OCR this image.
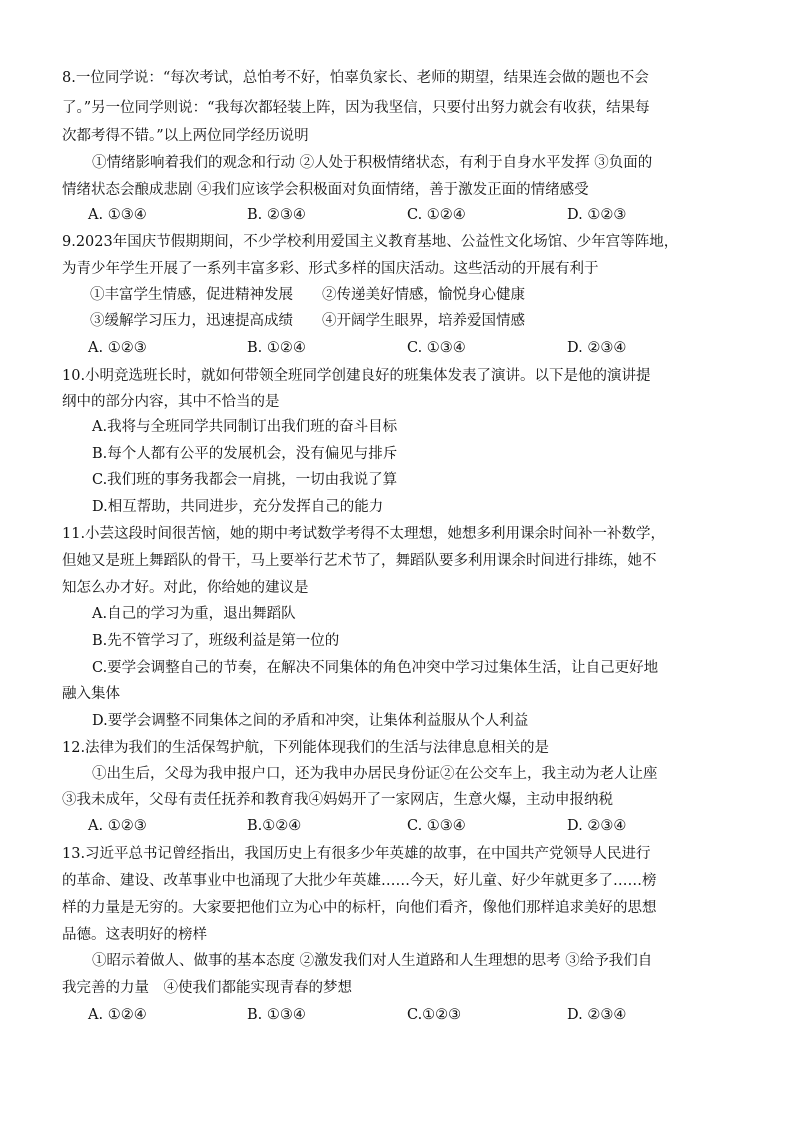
8.一位同学说：“每次考试，总怕考不好，怕辜负家长、老师的期望，结果连会做的题也不会
了。”另一位同学则说：“我每次都轻装上阵，因为我坚信，只要付出努力就会有收获，结果每
次都考得不错。”以上两位同学经历说明
①情绪影响着我们的观念和行动 ②人处于积极情绪状态，有利于自身水平发挥 ③负面的
情绪状态会酿成悲剧 ④我们应该学会积极面对负面情绪，善于激发正面的情绪感受
A. ①③④	B. ②③④	C. ①②④	D. ①②③
9.2023年国庆节假期期间，不少学校利用爱国主义教育基地、公益性文化场馆、少年宫等阵地，
为青少年学生开展了一系列丰富多彩、形式多样的国庆活动。这些活动的开展有利于
①丰富学生情感，促进精神发展　　②传递美好情感，愉悦身心健康
③缓解学习压力，迅速提高成绩　　④开阔学生眼界，培养爱国情感
A. ①②③	B. ①②④	C. ①③④	D. ②③④
10.小明竞选班长时，就如何带领全班同学创建良好的班集体发表了演讲。以下是他的演讲提
纲中的部分内容，其中不恰当的是
A.我将与全班同学共同制订出我们班的奋斗目标
B.每个人都有公平的发展机会，没有偏见与排斥
C.我们班的事务我都会一肩挑，一切由我说了算
D.相互帮助，共同进步，充分发挥自己的能力
11.小芸这段时间很苦恼，她的期中考试数学考得不太理想，她想多利用课余时间补一补数学，
但她又是班上舞蹈队的骨干，马上要举行艺术节了，舞蹈队要多利用课余时间进行排练，她不
知怎么办才好。对此，你给她的建议是
A.自己的学习为重，退出舞蹈队
B.先不管学习了，班级利益是第一位的
C.要学会调整自己的节奏，在解决不同集体的角色冲突中学习过集体生活，让自己更好地
融入集体
D.要学会调整不同集体之间的矛盾和冲突，让集体利益服从个人利益
12.法律为我们的生活保驾护航，下列能体现我们的生活与法律息息相关的是
①出生后，父母为我申报户口，还为我申办居民身份证②在公交车上，我主动为老人让座
③我未成年，父母有责任抚养和教育我④妈妈开了一家网店，生意火爆，主动申报纳税
A. ①②③	B.①②④	C. ①③④	D. ②③④
13.习近平总书记曾经指出，我国历史上有很多少年英雄的故事，在中国共产党领导人民进行
的革命、建设、改革事业中也涌现了大批少年英雄……今天，好儿童、好少年就更多了……榜
样的力量是无穷的。大家要把他们立为心中的标杆，向他们看齐，像他们那样追求美好的思想
品德。这表明好的榜样
①昭示着做人、做事的基本态度 ②激发我们对人生道路和人生理想的思考 ③给予我们自
我完善的力量　④使我们都能实现青春的梦想
A. ①②④	B. ①③④	C.①②③	D. ②③④
